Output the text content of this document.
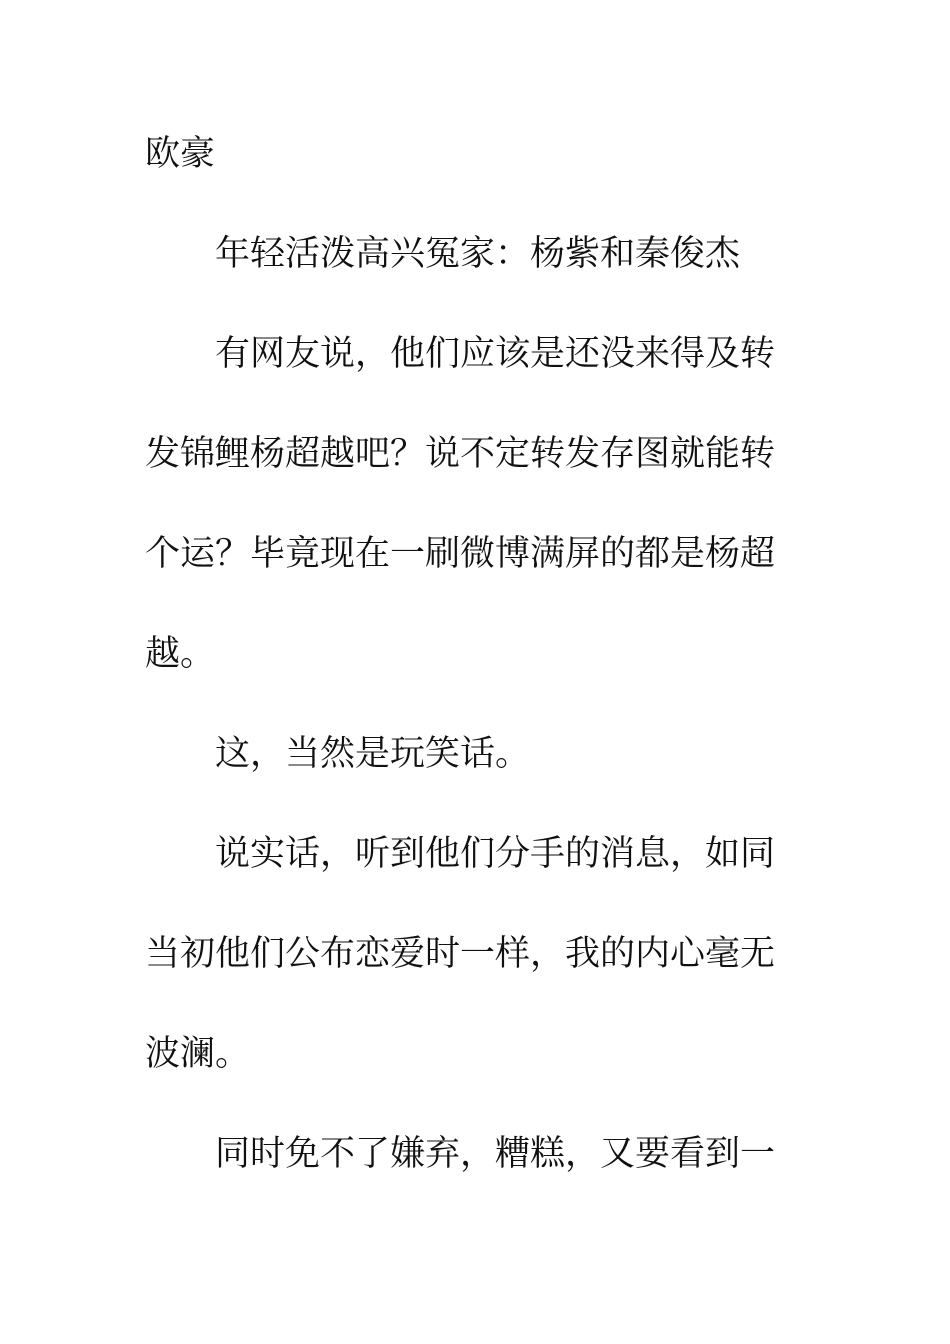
欧豪
年轻活泼高兴冤家：杨紫和秦俊杰
有网友说，他们应该是还没来得及转
发锦鲤杨超越吧？说不定转发存图就能转
个运？毕竟现在一刷微博满屏的都是杨超
越。
这，当然是玩笑话。
说实话，听到他们分手的消息，如同
当初他们公布恋爱时一样，我的内心毫无
波澜。
同时免不了嫌弃，糟糕，又要看到一
